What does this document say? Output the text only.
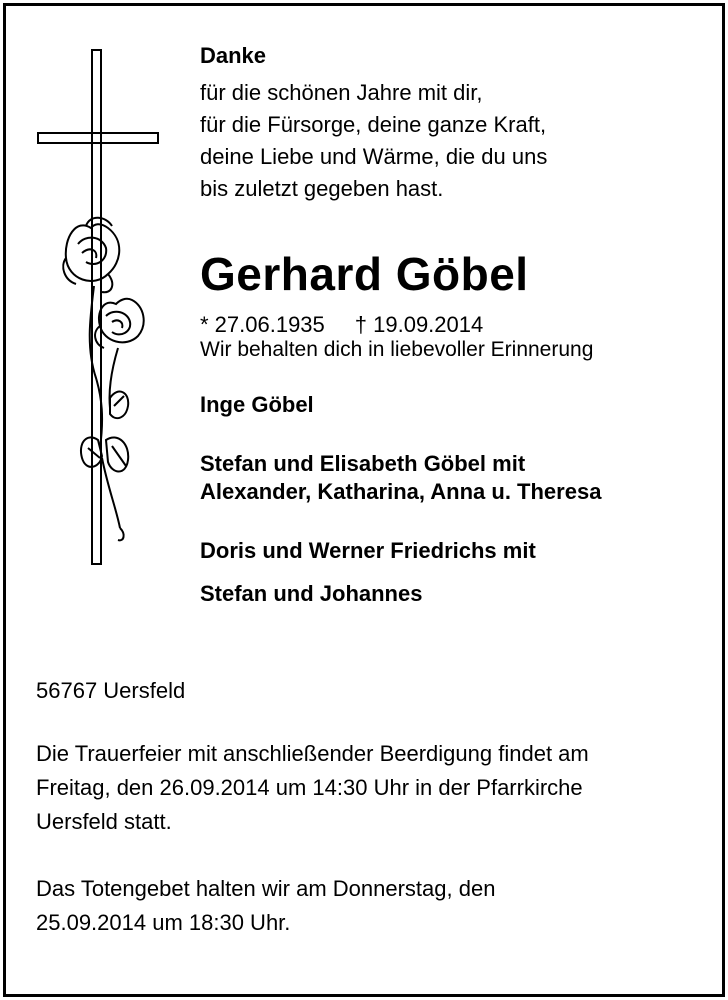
Danke
für die schönen Jahre mit dir,
für die Fürsorge, deine ganze Kraft,
deine Liebe und Wärme, die du uns
bis zuletzt gegeben hast.
Gerhard Göbel
* 27.06.1935 † 19.09.2014
Wir behalten dich in liebevoller Erinnerung
Inge Göbel
Stefan und Elisabeth Göbel mit
Alexander, Katharina, Anna u. Theresa
Doris und Werner Friedrichs mit
Stefan und Johannes
56767 Uersfeld
Die Trauerfeier mit anschließender Beerdigung findet am
Freitag, den 26.09.2014 um 14:30 Uhr in der Pfarrkirche
Uersfeld statt.
Das Totengebet halten wir am Donnerstag, den
25.09.2014 um 18:30 Uhr.
